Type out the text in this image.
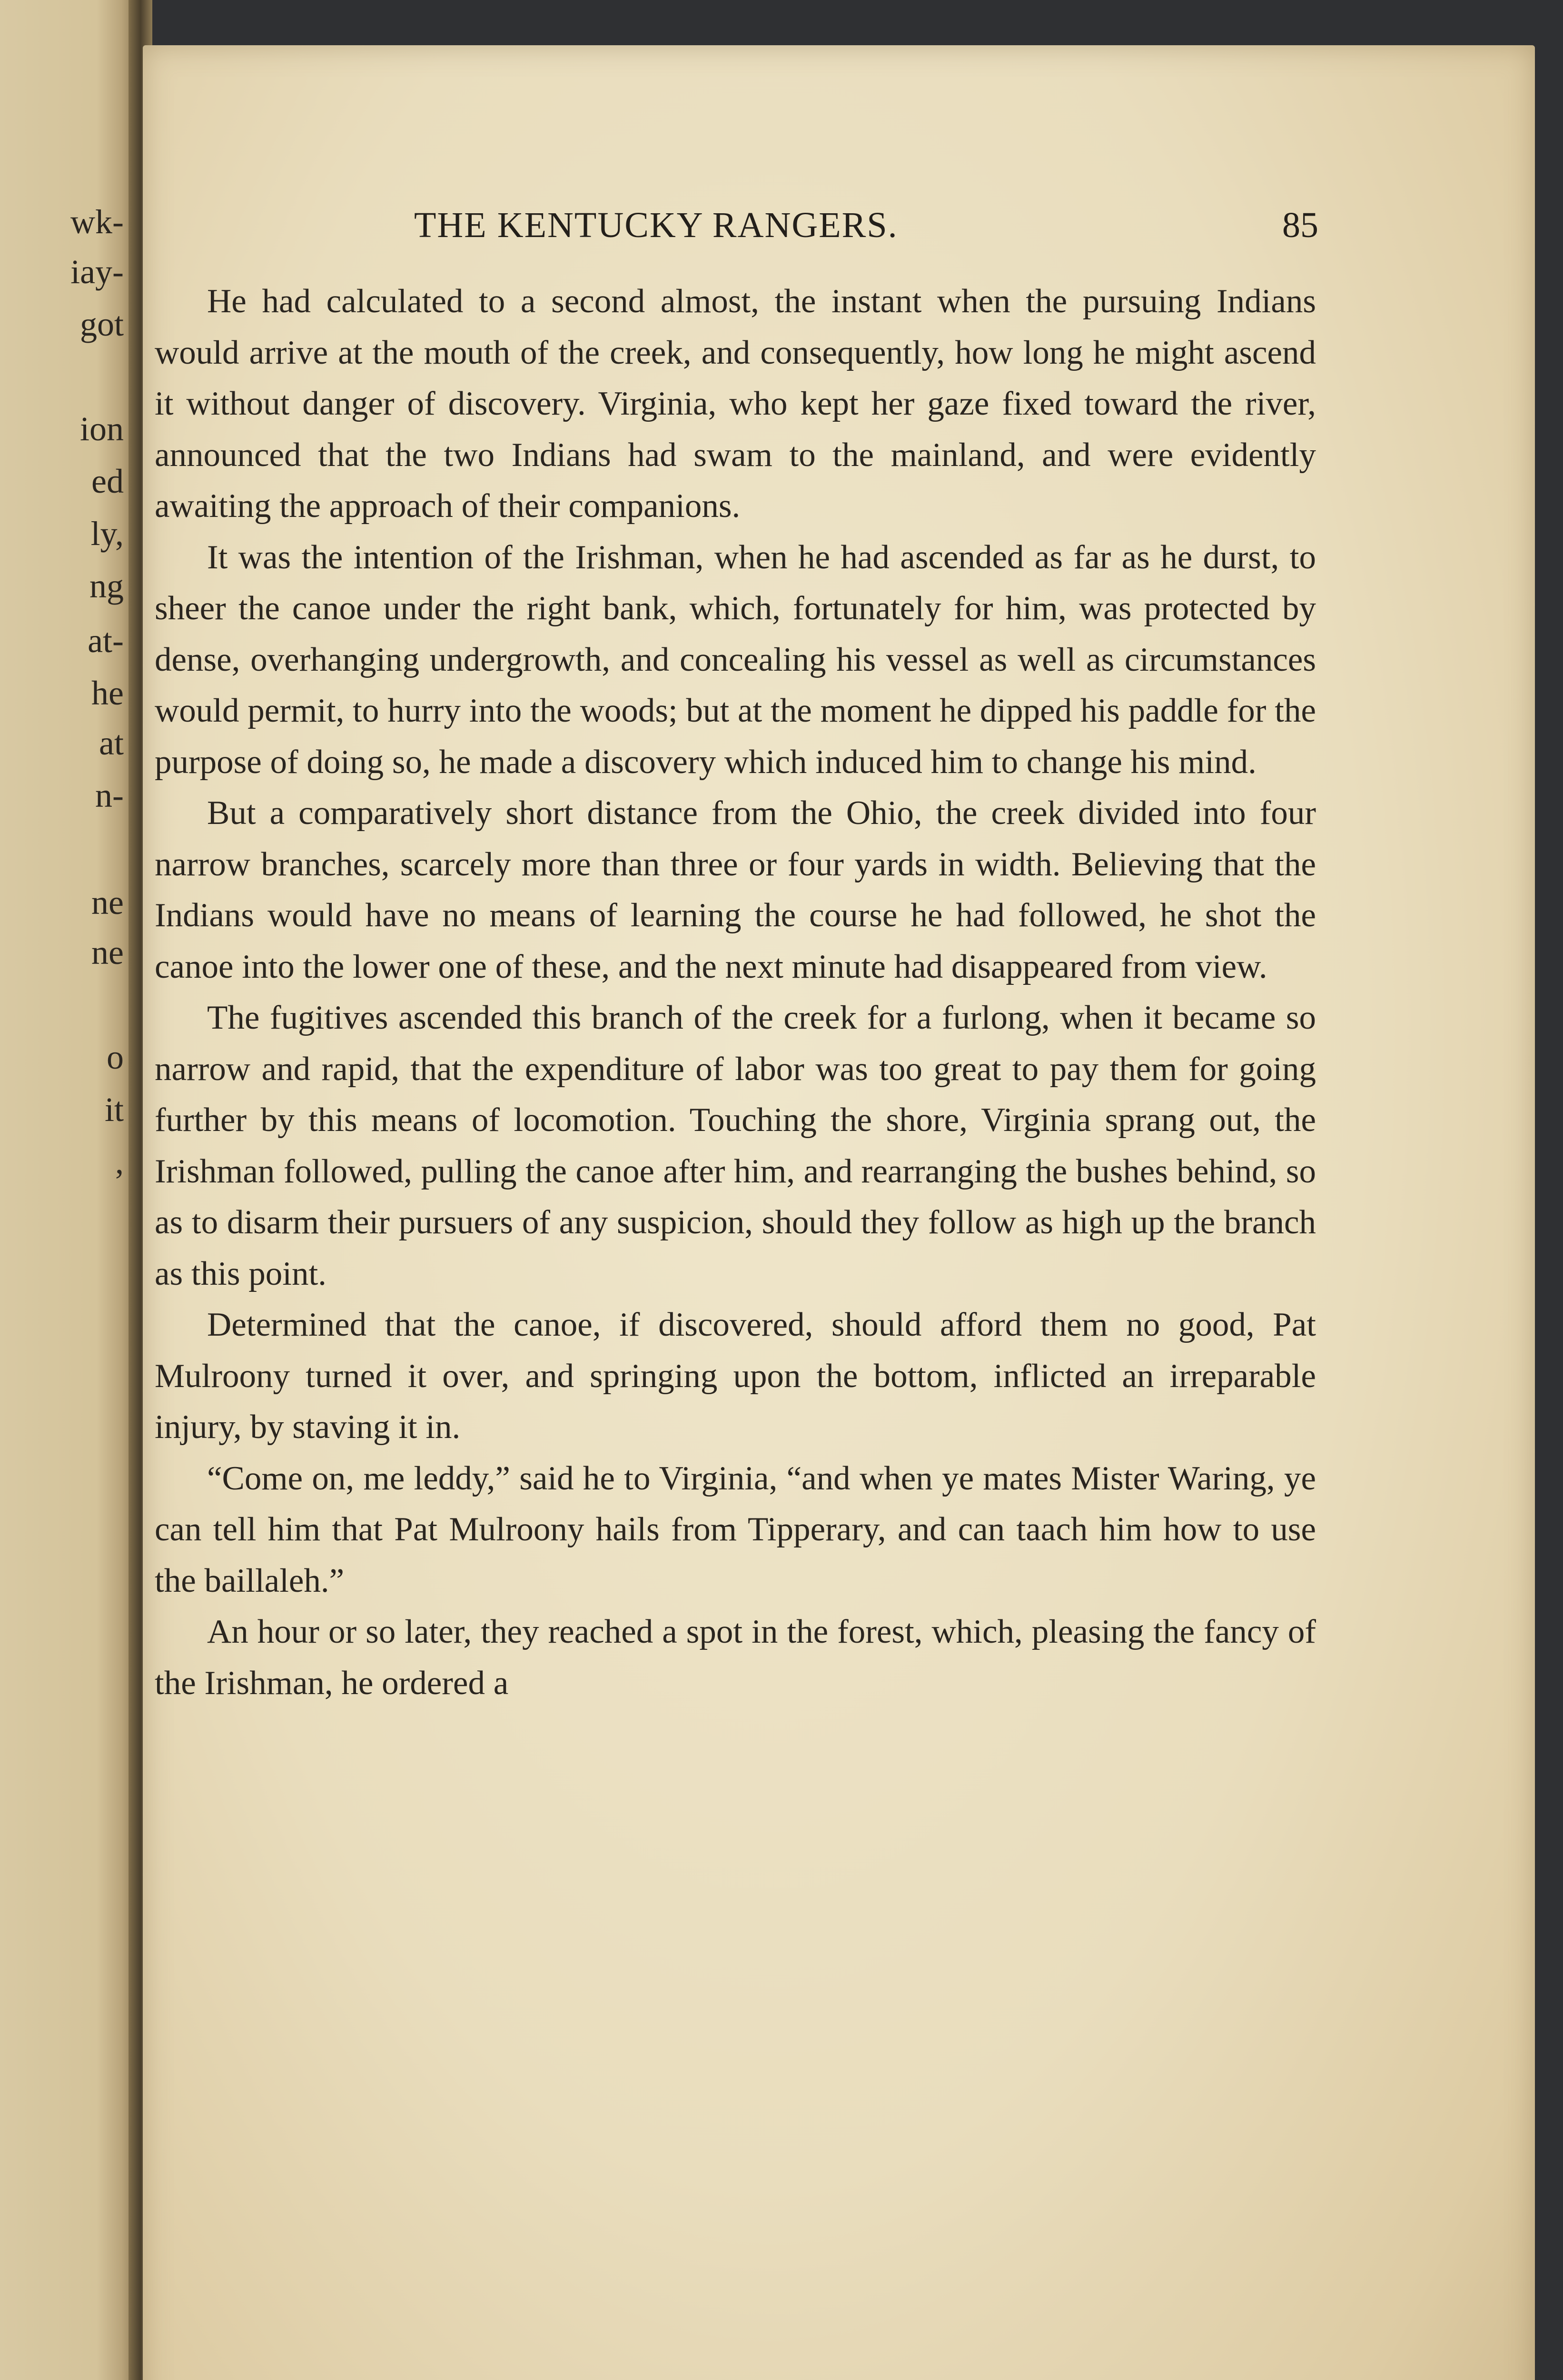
wk-
iay-
got
ion
ed
ly,
ng
at-
he
at
n-
ne
ne
o
it
,
THE KENTUCKY RANGERS.	85

He had calculated to a second almost, the instant when the pursuing Indians would arrive at the mouth of the creek, and consequently, how long he might ascend it without danger of discovery. Virginia, who kept her gaze fixed toward the river, announced that the two Indians had swam to the mainland, and were evidently awaiting the approach of their companions.

It was the intention of the Irishman, when he had ascended as far as he durst, to sheer the canoe under the right bank, which, fortunately for him, was protected by dense, overhanging undergrowth, and concealing his vessel as well as circumstances would permit, to hurry into the woods; but at the moment he dipped his paddle for the purpose of doing so, he made a discovery which induced him to change his mind.

But a comparatively short distance from the Ohio, the creek divided into four narrow branches, scarcely more than three or four yards in width. Believing that the Indians would have no means of learning the course he had followed, he shot the canoe into the lower one of these, and the next minute had disappeared from view.

The fugitives ascended this branch of the creek for a furlong, when it became so narrow and rapid, that the expenditure of labor was too great to pay them for going further by this means of locomotion. Touching the shore, Virginia sprang out, the Irishman followed, pulling the canoe after him, and rearranging the bushes behind, so as to disarm their pursuers of any suspicion, should they follow as high up the branch as this point.

Determined that the canoe, if discovered, should afford them no good, Pat Mulroony turned it over, and springing upon the bottom, inflicted an irreparable injury, by staving it in.

“Come on, me leddy,” said he to Virginia, “and when ye mates Mister Waring, ye can tell him that Pat Mulroony hails from Tipperary, and can taach him how to use the baillaleh.”

An hour or so later, they reached a spot in the forest, which, pleasing the fancy of the Irishman, he ordered a
